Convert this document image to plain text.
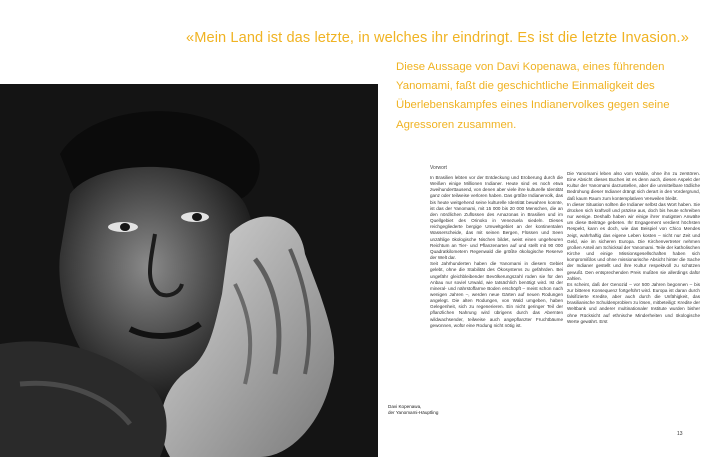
«Mein Land ist das letzte, in welches ihr eindringt. Es ist die letzte Invasion.»
Diese Aussage von Davi Kopenawa, eines führenden Yanomami, faßt die geschichtliche Einmaligkeit des Überlebenskampfes eines Indianervolkes gegen seine Agressoren zusammen.
Davi Kopenawa,
der Yanomami-Häuptling
Vorwort

In Brasilien lebten vor der Entdeckung und Eroberung durch die Weißen einige Millionen Indianer. Heute sind es noch etwa zweihunderttausend, von denen aber viele ihre kulturelle Identität ganz oder teilweise verloren haben. Das größte Indianervolk, das bis heute weitgehend seine kulturelle Identität bewahren konnte, ist das der Yanomami, mit 15 000 bis 20 000 Menschen, die an den nördlichen Zuflüssen des Amazonas in Brasilien und im Quellgebiet des Orinoko in Venezuela siedeln. Dieses reichgegliederte bergige Umweltgebiet an der kontinentalen Wasserscheide, das mit seinen Bergen, Flüssen und Seen unzählige ökologische Nischen bildet, weist einen ungeheuren Reichtum an Tier- und Pflanzenarten auf und stellt mit 90 000 Quadratkilometern Regenwald die größte ökologische Reserve der Welt dar.

Seit Jahrhunderten haben die Yanomami in diesem Gebiet gelebt, ohne die Stabilität des Ökosystems zu gefährden. Bei ungefähr gleichbleibender Bevölkerungszahl roden sie für den Anbau nur soviel Urwald, wie tatsächlich benötigt wird. Ist der mineral- und nährstoffarme Boden erschöpft – meist schon nach wenigen Jahren –, werden neue Gärten auf neuen Rodungen angelegt. Die alten Rodungen, von Wald umgeben, haben Gelegenheit, sich zu regenerieren. Ein nicht geringer Teil der pflanzlichen Nahrung wird übrigens durch das Abernten wildwachsender, teilweise auch angepflanzter Fruchtbäume gewonnen, wofür eine Rodung nicht nötig ist.

Die Yanomami leben also vom Walde, ohne ihn zu zerstören. Eine Absicht dieses Buches ist es denn auch, diesen Aspekt der Kultur der Yanomami darzustellen, aber die unmittelbare tödliche Bedrohung dieser Indianer drängt sich derart in den Vordergrund, daß kaum Raum zum kontemplativen Verweilen bleibt.

In dieser Situation sollten die Indianer selbst das Wort haben. Sie drücken sich kraftvoll und präzise aus, doch bis heute schreiben nur wenige. Deshalb haben wir einige ihrer mutigsten Anwälte um diese Beiträge gebeten. Ihr Engagement verdient höchsten Respekt, kann es doch, wie das Beispiel von Chico Mendes zeigt, wahrhaftig das eigene Leben kosten – nicht nur Zeit und Geld, wie im sicheren Europa. Die Kirchenvertreter nehmen großen Anteil am Schicksal der Yanomami. Teile der katholischen Kirche und einige Missionsgesellschaften haben sich kompromißlos und ohne missionarische Absicht hinter die Sache der Indianer gestellt und ihre Kultur respektvoll zu schützen gewußt. Den entsprechenden Preis mußten sie allerdings dafür zahlen.

Es scheint, daß der Genozid – vor 500 Jahren begonnen – bis zur bitteren Konsequenz fortgeführt wird. Europa ist daran durch falsifizierte Kredite, aber auch durch die Unfähigkeit, das brasilianische Schuldenproblem zu lösen, mitbeteiligt: Kredite der Weltbank und anderer multinationaler Institute wurden bisher ohne Rücksicht auf ethnische Minderheiten und ökologische Werte gewährt. Erst

13
